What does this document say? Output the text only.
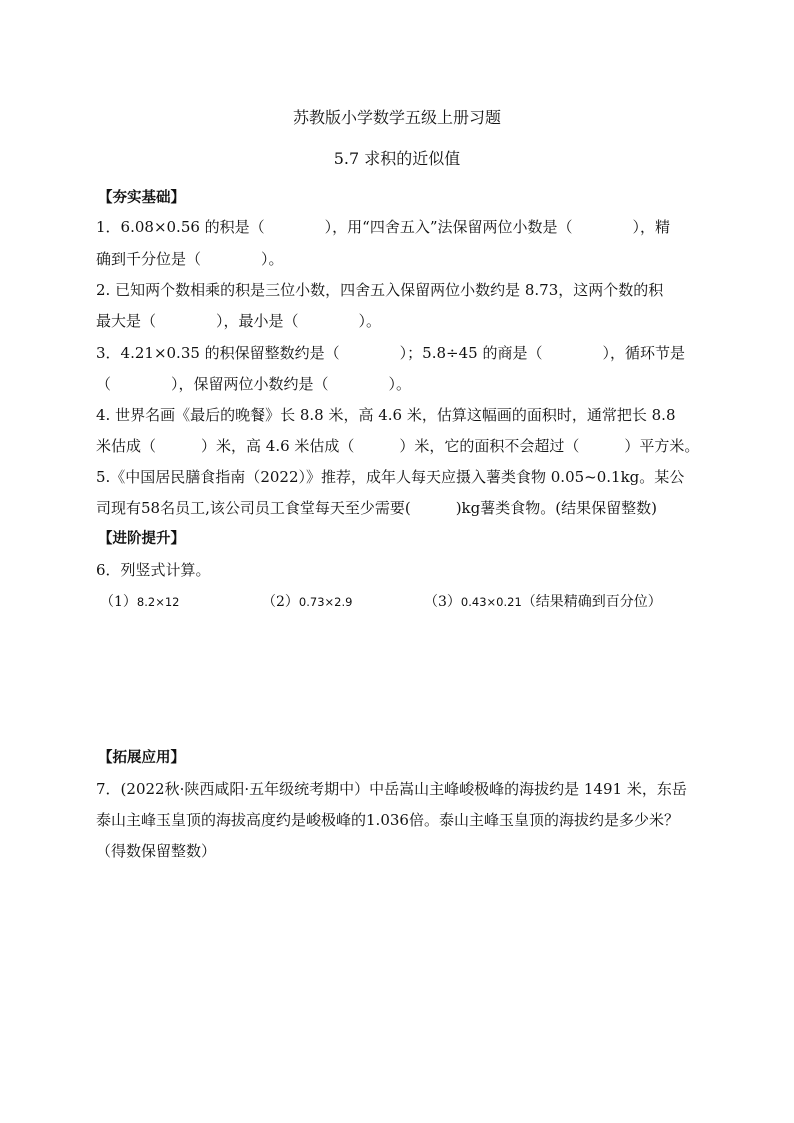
苏教版小学数学五级上册习题
5.7 求积的近似值
【夯实基础】
1．6.08×0.56 的积是（　　　　），用“四舍五入”法保留两位小数是（　　　　），精
确到千分位是（　　　　）。
2. 已知两个数相乘的积是三位小数，四舍五入保留两位小数约是 8.73，这两个数的积
最大是（　　　　），最小是（　　　　）。
3．4.21×0.35 的积保留整数约是（　　　　）；5.8÷45 的商是（　　　　），循环节是
（　　　　），保留两位小数约是（　　　　）。
4. 世界名画《最后的晚餐》长 8.8 米，高 4.6 米，估算这幅画的面积时，通常把长 8.8
米估成（　　　）米，高 4.6 米估成（　　　）米，它的面积不会超过（　　　）平方米。
5.《中国居民膳食指南（2022）》推荐，成年人每天应摄入薯类食物 0.05~0.1kg。某公
司现有58名员工,该公司员工食堂每天至少需要(　　　)kg薯类食物。(结果保留整数)
【进阶提升】
6．列竖式计算。
（1）8.2×12	（2）0.73×2.9	（3）0.43×0.21（结果精确到百分位）
【拓展应用】
7．(2022秋·陕西咸阳·五年级统考期中）中岳嵩山主峰峻极峰的海拔约是 1491 米，东岳
泰山主峰玉皇顶的海拔高度约是峻极峰的1.036倍。泰山主峰玉皇顶的海拔约是多少米？
（得数保留整数）
